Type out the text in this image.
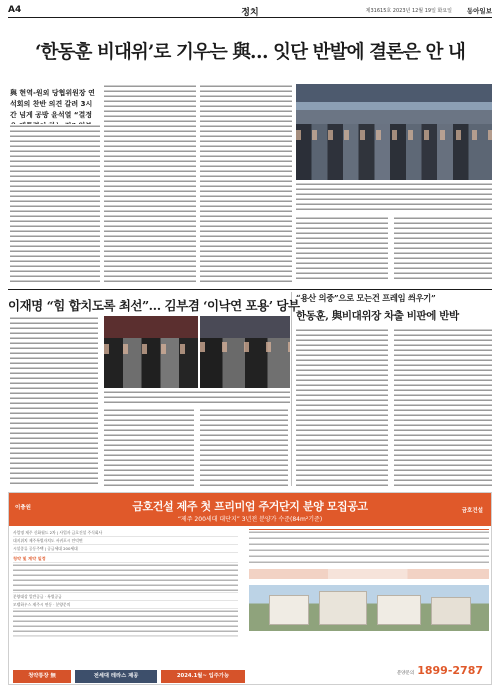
A4	정치	제31615호 2023년 12월 19일 화요일 동아일보
‘한동훈 비대위’로 기우는 與… 잇단 반발에 결론은 안 내
與 현역-원외 당협위원장 연석회의 찬반 의견 갈려 3시간 넘게 공방 윤석열 “결정
“용산 의중”으로 모는건 프레임 씌우기”
한동훈, 與비대위장 차출 비판에 반박
이재명 “힘 합치도록 최선”… 김부겸 ‘이낙연 포용’ 당부
이충원	금호건설 제주 첫 프리미엄 주거단지 분양 모집공고
“제주 200세대 대단지” 3년전 분양가 수준(84m²기준)
금호건설
사업명 제주 신화월드 2차 | 사업자 금호건설 주식회사
대지위치 제주특별자치도 서귀포시 안덕면
시설종류 공동주택 | 공급세대 200세대
청약 및 계약 일정
분양대상 일반공급 · 특별공급
모델하우스 제주시 연동 · 분양문의
청약통장 無	전세대 테라스 제공	2024.1월~ 입주가능	분양문의 1899-2787
